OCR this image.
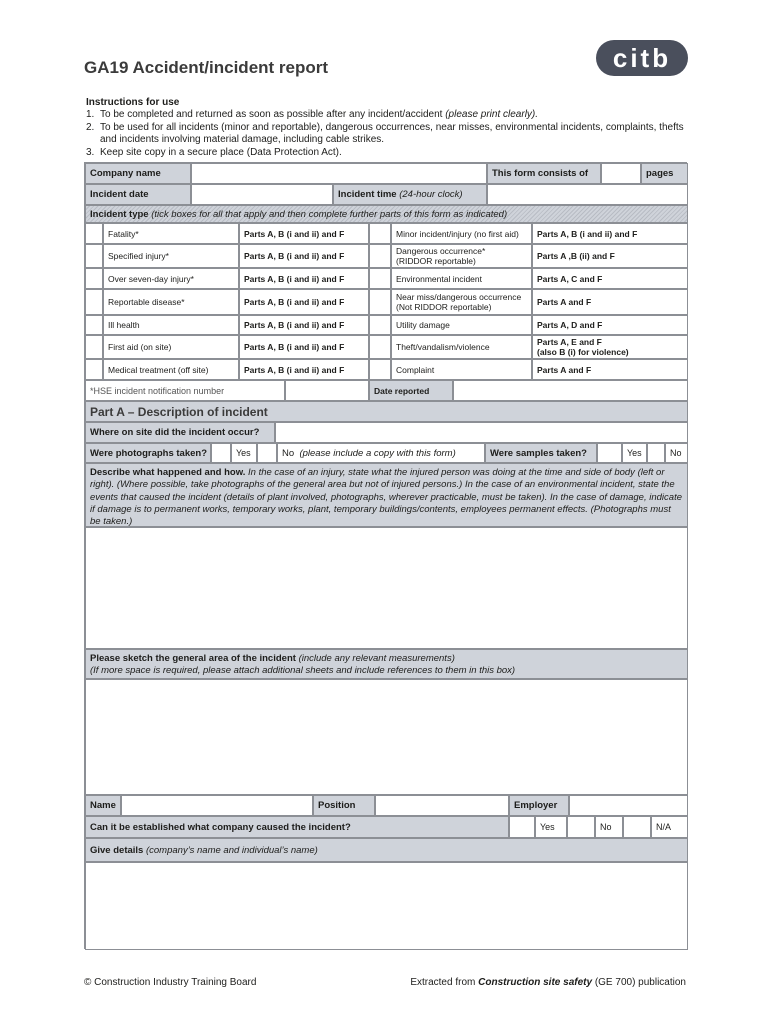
GA19 Accident/incident report	citb
Instructions for use
1. To be completed and returned as soon as possible after any incident/accident (please print clearly).
2. To be used for all incidents (minor and reportable), dangerous occurrences, near misses, environmental incidents, complaints, thefts and incidents involving material damage, including cable strikes.
3. Keep site copy in a secure place (Data Protection Act).
Company name	This form consists of	pages
Incident date	Incident time
(24-hour clock)
Incident type
(tick boxes for all that apply and then complete further parts of this form as indicated)
*HSE incident notification number	Date reported
Part A – Description of incident
Where on site did the incident occur?
Were photographs taken?	Yes	No
(please include a copy with this form)	Were samples taken?	Yes	No
Describe what happened and how. In the case of an injury, state what the injured person was doing at the time and side of body (left or right). (Where possible, take photographs of the general area but not of injured persons.) In the case of an environmental incident, state the events that caused the incident (details of plant involved, photographs, wherever practicable, must be taken). In the case of damage, indicate if damage is to permanent works, temporary works, plant, temporary buildings/contents, employees permanent effects. (Photographs must be taken.)
Please sketch the general area of the incident (include any relevant measurements)
(If more space is required, please attach additional sheets and include references to them in this box)
Name	Position	Employer
Can it be established what company caused the incident?	Yes	No	N/A
Give details
(company’s name and individual’s name)
Fatality*	Parts A, B (i and ii) and F
Specified injury*	Parts A, B (i and ii) and F
Over seven-day injury*	Parts A, B (i and ii) and F
Reportable disease*	Parts A, B (i and ii) and F
Ill health	Parts A, B (i and ii) and F
First aid (on site)	Parts A, B (i and ii) and F
Medical treatment (off site)	Parts A, B (i and ii) and F
Minor incident/injury (no first aid) Parts A, B (i and ii) and F
Dangerous occurrence*
(RIDDOR reportable)	Parts A ,B (ii) and F
Environmental incident	Parts A, C and F
Near miss/dangerous occurrence
(Not RIDDOR reportable)	Parts A and F
Utility damage	Parts A, D and F
Theft/vandalism/violence	Parts A, E and F
(also B (i) for violence)
Complaint	Parts A and F
© Construction Industry Training Board	Extracted from Construction site safety (GE 700) publication
